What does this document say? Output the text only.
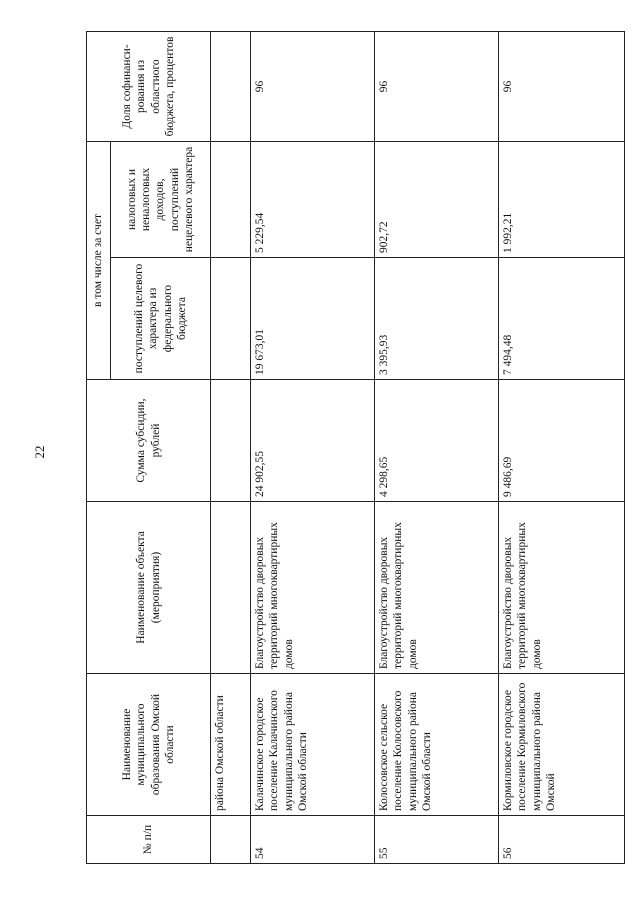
22
№ п/п	Наименование муниципального образования Омской области	Наименование объекта (мероприятия)	Сумма субсидии, рублей	в том числе за счет		Доля софинанси-рования из областного бюджета, процентов
				поступлений целевого характера из федерального бюджета	налоговых и неналоговых доходов, поступлений нецелевого характера	
	района Омской области					
54	Калачинское городское поселение Калачинского муниципального района Омской области	Благоустройство дворовых территорий многоквартирных домов	24 902,55	19 673,01	5 229,54	96
55	Колосовское сельское поселение Колосовского муниципального района Омской области	Благоустройство дворовых территорий многоквартирных домов	4 298,65	3 395,93	902,72	96
56	Кормиловское городское поселение Кормиловского муниципального района Омской	Благоустройство дворовых территорий многоквартирных домов	9 486,69	7 494,48	1 992,21	96
